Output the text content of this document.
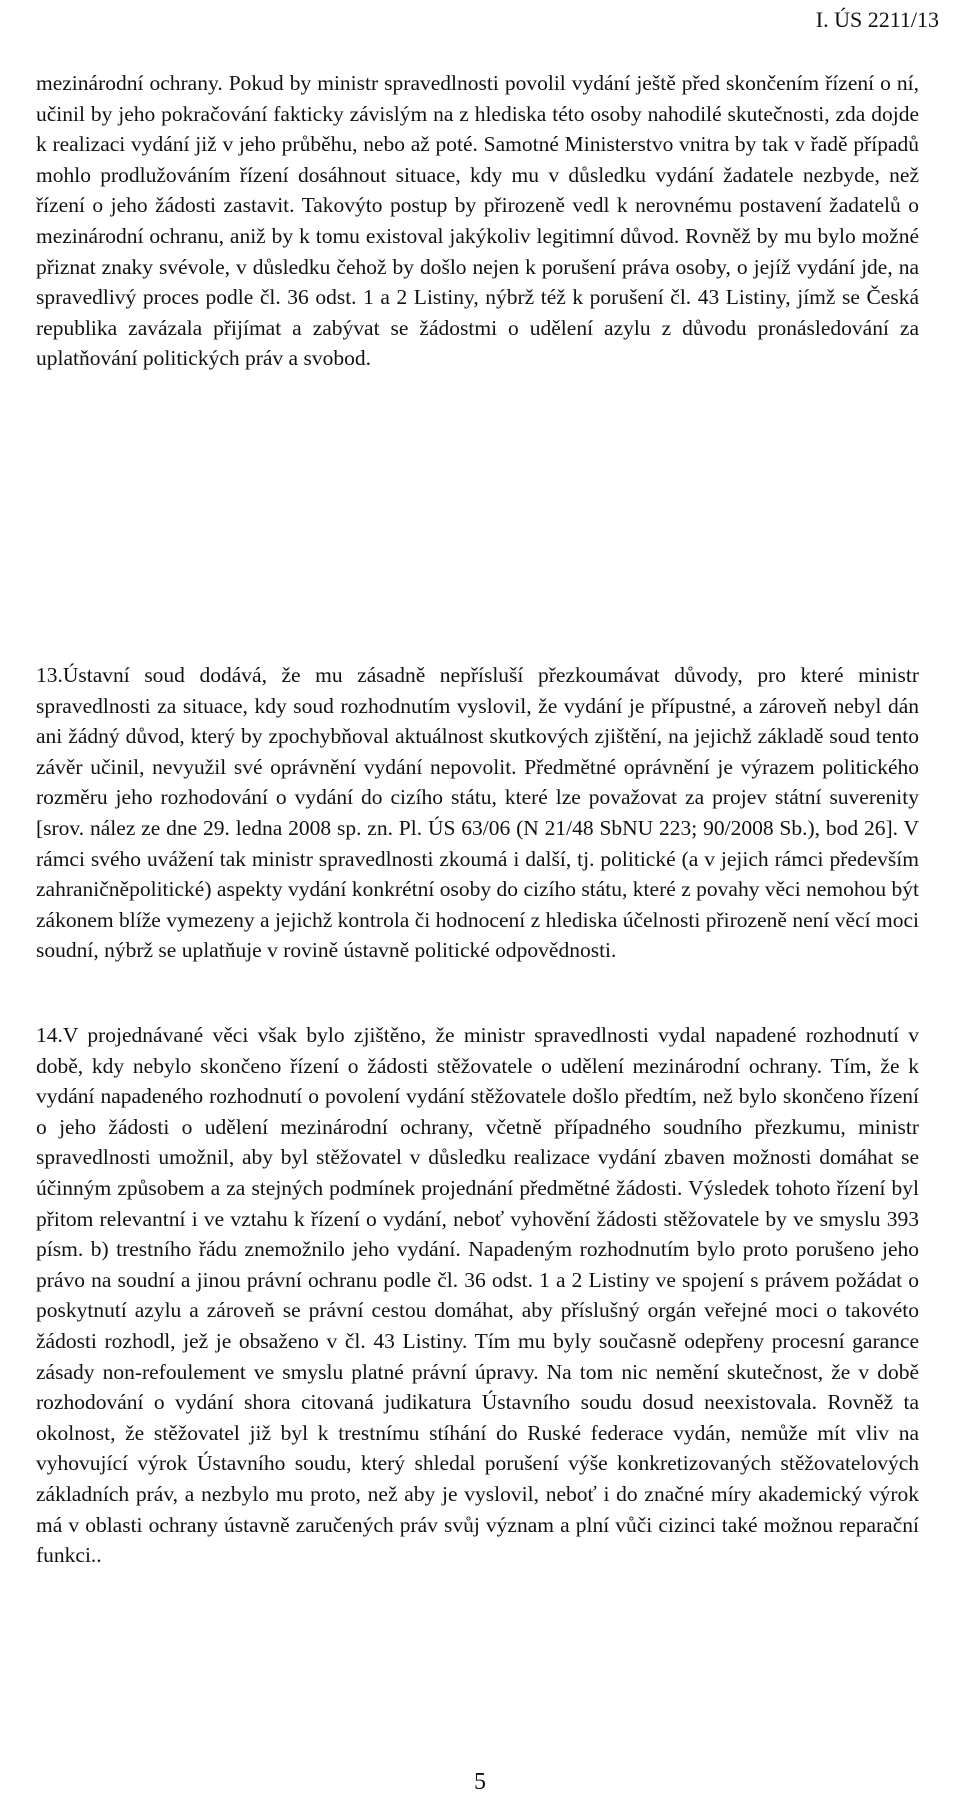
I. ÚS 2211/13

mezinárodní ochrany. Pokud by ministr spravedlnosti povolil vydání ještě před skončením řízení o ní, učinil by jeho pokračování fakticky závislým na z hlediska této osoby nahodilé skutečnosti, zda dojde k realizaci vydání již v jeho průběhu, nebo až poté. Samotné Ministerstvo vnitra by tak v řadě případů mohlo prodlužováním řízení dosáhnout situace, kdy mu v důsledku vydání žadatele nezbyde, než řízení o jeho žádosti zastavit. Takovýto postup by přirozeně vedl k nerovnému postavení žadatelů o mezinárodní ochranu, aniž by k tomu existoval jakýkoliv legitimní důvod. Rovněž by mu bylo možné přiznat znaky svévole, v důsledku čehož by došlo nejen k porušení práva osoby, o jejíž vydání jde, na spravedlivý proces podle čl. 36 odst. 1 a 2 Listiny, nýbrž též k porušení čl. 43 Listiny, jímž se Česká republika zavázala přijímat a zabývat se žádostmi o udělení azylu z důvodu pronásledování za uplatňování politických práv a svobod.

13.Ústavní soud dodává, že mu zásadně nepřísluší přezkoumávat důvody, pro které ministr spravedlnosti za situace, kdy soud rozhodnutím vyslovil, že vydání je přípustné, a zároveň nebyl dán ani žádný důvod, který by zpochybňoval aktuálnost skutkových zjištění, na jejichž základě soud tento závěr učinil, nevyužil své oprávnění vydání nepovolit. Předmětné oprávnění je výrazem politického rozměru jeho rozhodování o vydání do cizího státu, které lze považovat za projev státní suverenity [srov. nález ze dne 29. ledna 2008 sp. zn. Pl. ÚS 63/06 (N 21/48 SbNU 223; 90/2008 Sb.), bod 26]. V rámci svého uvážení tak ministr spravedlnosti zkoumá i další, tj. politické (a v jejich rámci především zahraničněpolitické) aspekty vydání konkrétní osoby do cizího státu, které z povahy věci nemohou být zákonem blíže vymezeny a jejichž kontrola či hodnocení z hlediska účelnosti přirozeně není věcí moci soudní, nýbrž se uplatňuje v rovině ústavně politické odpovědnosti.

14.V projednávané věci však bylo zjištěno, že ministr spravedlnosti vydal napadené rozhodnutí v době, kdy nebylo skončeno řízení o žádosti stěžovatele o udělení mezinárodní ochrany. Tím, že k vydání napadeného rozhodnutí o povolení vydání stěžovatele došlo předtím, než bylo skončeno řízení o jeho žádosti o udělení mezinárodní ochrany, včetně případného soudního přezkumu, ministr spravedlnosti umožnil, aby byl stěžovatel v důsledku realizace vydání zbaven možnosti domáhat se účinným způsobem a za stejných podmínek projednání předmětné žádosti. Výsledek tohoto řízení byl přitom relevantní i ve vztahu k řízení o vydání, neboť vyhovění žádosti stěžovatele by ve smyslu 393 písm. b) trestního řádu znemožnilo jeho vydání. Napadeným rozhodnutím bylo proto porušeno jeho právo na soudní a jinou právní ochranu podle čl. 36 odst. 1 a 2 Listiny ve spojení s právem požádat o poskytnutí azylu a zároveň se právní cestou domáhat, aby příslušný orgán veřejné moci o takovéto žádosti rozhodl, jež je obsaženo v čl. 43 Listiny. Tím mu byly současně odepřeny procesní garance zásady non-refoulement ve smyslu platné právní úpravy. Na tom nic nemění skutečnost, že v době rozhodování o vydání shora citovaná judikatura Ústavního soudu dosud neexistovala. Rovněž ta okolnost, že stěžovatel již byl k trestnímu stíhání do Ruské federace vydán, nemůže mít vliv na vyhovující výrok Ústavního soudu, který shledal porušení výše konkretizovaných stěžovatelových základních práv, a nezbylo mu proto, než aby je vyslovil, neboť i do značné míry akademický výrok má v oblasti ochrany ústavně zaručených práv svůj význam a plní vůči cizinci také možnou reparační funkci..

5
